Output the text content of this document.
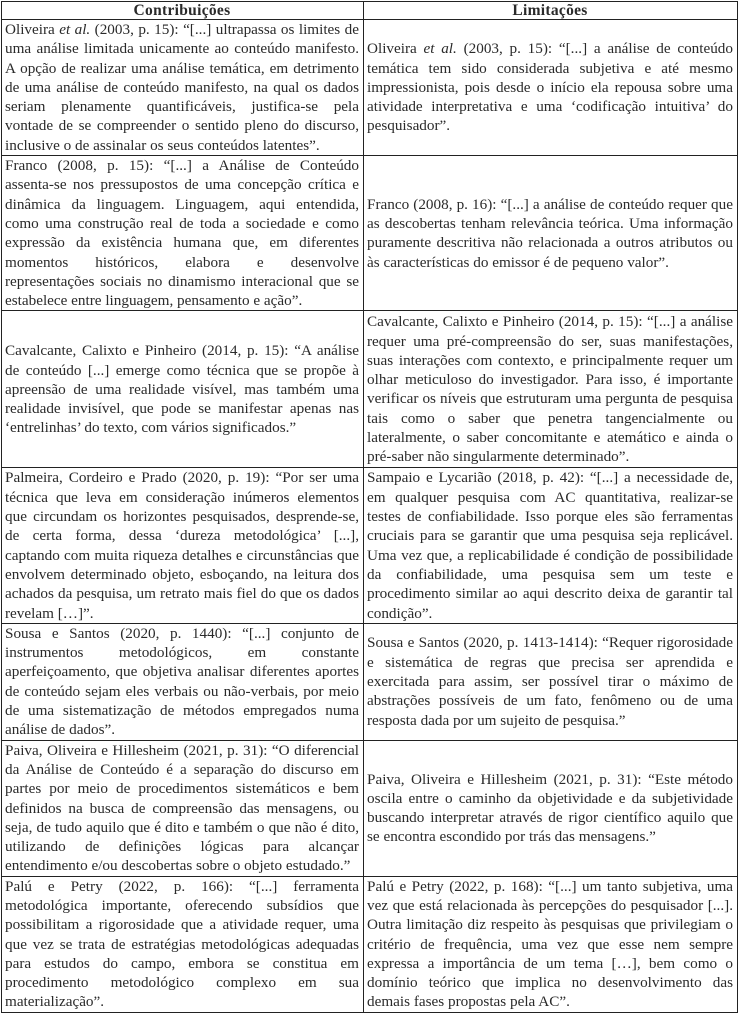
Contribuições	Limitações
Oliveira et al. (2003, p. 15): “[...] ultrapassa os limites de uma análise limitada unicamente ao conteúdo manifesto. A opção de realizar uma análise temática, em detrimento de uma análise de conteúdo manifesto, na qual os dados seriam plenamente quantificáveis, justifica-se pela vontade de se compreender o sentido pleno do discurso, inclusive o de assinalar os seus conteúdos latentes”.	Oliveira et al. (2003, p. 15): “[...] a análise de conteúdo temática tem sido considerada subjetiva e até mesmo impressionista, pois desde o início ela repousa sobre uma atividade interpretativa e uma ‘codificação intuitiva’ do pesquisador”.
Franco (2008, p. 15): “[...] a Análise de Conteúdo assenta-se nos pressupostos de uma concepção crítica e dinâmica da linguagem. Linguagem, aqui entendida, como uma construção real de toda a sociedade e como expressão da existência humana que, em diferentes momentos históricos, elabora e desenvolve representações sociais no dinamismo interacional que se estabelece entre linguagem, pensamento e ação”.	Franco (2008, p. 16): “[...] a análise de conteúdo requer que as descobertas tenham relevância teórica. Uma informação puramente descritiva não relacionada a outros atributos ou às características do emissor é de pequeno valor”.
Cavalcante, Calixto e Pinheiro (2014, p. 15): “A análise de conteúdo [...] emerge como técnica que se propõe à apreensão de uma realidade visível, mas também uma realidade invisível, que pode se manifestar apenas nas ‘entrelinhas’ do texto, com vários significados.”	Cavalcante, Calixto e Pinheiro (2014, p. 15): “[...] a análise requer uma pré-compreensão do ser, suas manifestações, suas interações com contexto, e principalmente requer um olhar meticuloso do investigador. Para isso, é importante verificar os níveis que estruturam uma pergunta de pesquisa tais como o saber que penetra tangencialmente ou lateralmente, o saber concomitante e atemático e ainda o pré-saber não singularmente determinado”.
Palmeira, Cordeiro e Prado (2020, p. 19): “Por ser uma técnica que leva em consideração inúmeros elementos que circundam os horizontes pesquisados, desprende-se, de certa forma, dessa ‘dureza metodológica’ [...], captando com muita riqueza detalhes e circunstâncias que envolvem determinado objeto, esboçando, na leitura dos achados da pesquisa, um retrato mais fiel do que os dados revelam […]”.	Sampaio e Lycarião (2018, p. 42): “[...] a necessidade de, em qualquer pesquisa com AC quantitativa, realizar-se testes de confiabilidade. Isso porque eles são ferramentas cruciais para se garantir que uma pesquisa seja replicável. Uma vez que, a replicabilidade é condição de possibilidade da confiabilidade, uma pesquisa sem um teste e procedimento similar ao aqui descrito deixa de garantir tal condição”.
Sousa e Santos (2020, p. 1440): “[...] conjunto de instrumentos metodológicos, em constante aperfeiçoamento, que objetiva analisar diferentes aportes de conteúdo sejam eles verbais ou não-verbais, por meio de uma sistematização de métodos empregados numa análise de dados”.	Sousa e Santos (2020, p. 1413-1414): “Requer rigorosidade e sistemática de regras que precisa ser aprendida e exercitada para assim, ser possível tirar o máximo de abstrações possíveis de um fato, fenômeno ou de uma resposta dada por um sujeito de pesquisa.”
Paiva, Oliveira e Hillesheim (2021, p. 31): “O diferencial da Análise de Conteúdo é a separação do discurso em partes por meio de procedimentos sistemáticos e bem definidos na busca de compreensão das mensagens, ou seja, de tudo aquilo que é dito e também o que não é dito, utilizando de definições lógicas para alcançar entendimento e/ou descobertas sobre o objeto estudado.”	Paiva, Oliveira e Hillesheim (2021, p. 31): “Este método oscila entre o caminho da objetividade e da subjetividade buscando interpretar através de rigor científico aquilo que se encontra escondido por trás das mensagens.”
Palú e Petry (2022, p. 166): “[...] ferramenta metodológica importante, oferecendo subsídios que possibilitam a rigorosidade que a atividade requer, uma que vez se trata de estratégias metodológicas adequadas para estudos do campo, embora se constitua em procedimento metodológico complexo em sua materialização”.	Palú e Petry (2022, p. 168): “[...] um tanto subjetiva, uma vez que está relacionada às percepções do pesquisador [...]. Outra limitação diz respeito às pesquisas que privilegiam o critério de frequência, uma vez que esse nem sempre expressa a importância de um tema […], bem como o domínio teórico que implica no desenvolvimento das demais fases propostas pela AC”.
